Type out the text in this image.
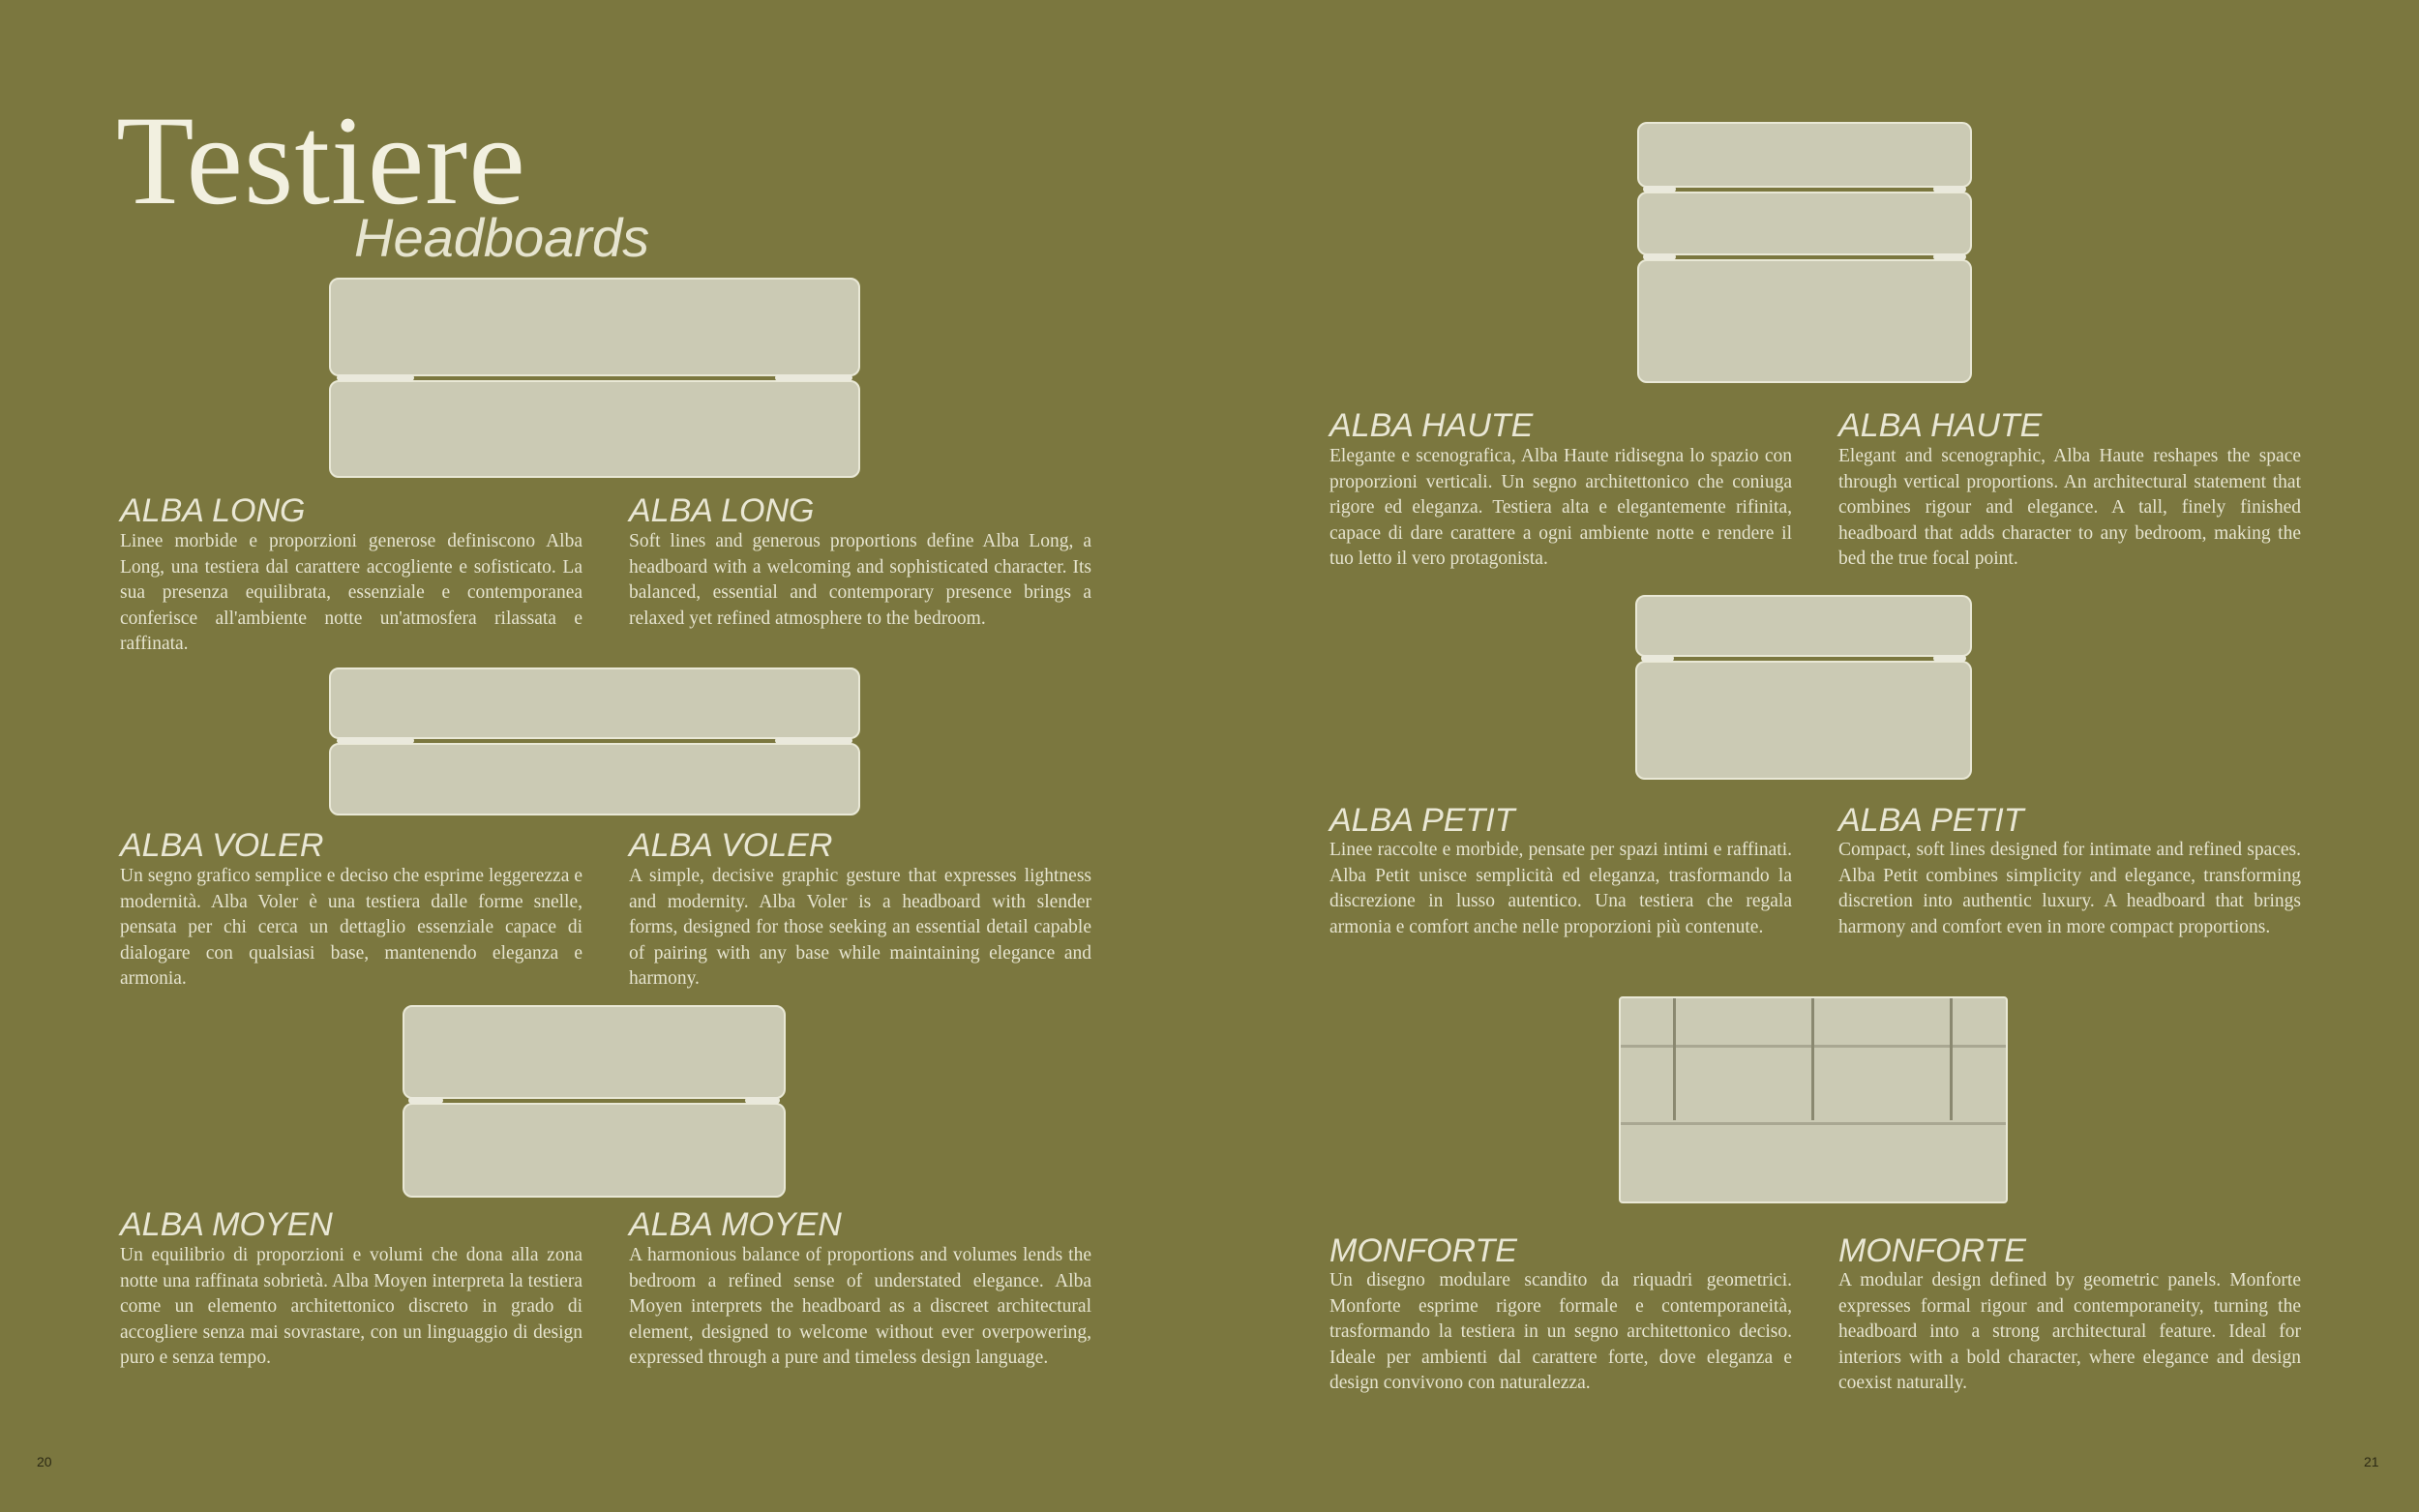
Testiere
Headboards
ALBA LONG

Linee morbide e proporzioni generose definiscono Alba Long, una testiera dal carattere accogliente e sofisticato. La sua presenza equilibrata, essenziale e contemporanea conferisce all'ambiente notte un'atmosfera rilassata e raffinata.

ALBA LONG

Soft lines and generous proportions define Alba Long, a headboard with a welcoming and sophisticated character. Its balanced, essential and contemporary presence brings a relaxed yet refined atmosphere to the bedroom.

ALBA VOLER

Un segno grafico semplice e deciso che esprime leggerezza e modernità. Alba Voler è una testiera dalle forme snelle, pensata per chi cerca un dettaglio essenziale capace di dialogare con qualsiasi base, mantenendo eleganza e armonia.

ALBA VOLER

A simple, decisive graphic gesture that expresses lightness and modernity. Alba Voler is a headboard with slender forms, designed for those seeking an essential detail capable of pairing with any base while maintaining elegance and harmony.

ALBA MOYEN

Un equilibrio di proporzioni e volumi che dona alla zona notte una raffinata sobrietà. Alba Moyen interpreta la testiera come un elemento architettonico discreto in grado di accogliere senza mai sovrastare, con un linguaggio di design puro e senza tempo.

ALBA MOYEN

A harmonious balance of proportions and volumes lends the bedroom a refined sense of understated elegance. Alba Moyen interprets the headboard as a discreet architectural element, designed to welcome without ever overpowering, expressed through a pure and timeless design language.

ALBA HAUTE

Elegante e scenografica, Alba Haute ridisegna lo spazio con proporzioni verticali. Un segno architettonico che coniuga rigore ed eleganza. Testiera alta e elegantemente rifinita, capace di dare carattere a ogni ambiente notte e rendere il tuo letto il vero protagonista.

ALBA HAUTE

Elegant and scenographic, Alba Haute reshapes the space through vertical proportions. An architectural statement that combines rigour and elegance. A tall, finely finished headboard that adds character to any bedroom, making the bed the true focal point.

ALBA PETIT

Linee raccolte e morbide, pensate per spazi intimi e raffinati. Alba Petit unisce semplicità ed eleganza, trasformando la discrezione in lusso autentico. Una testiera che regala armonia e comfort anche nelle proporzioni più contenute.

ALBA PETIT

Compact, soft lines designed for intimate and refined spaces. Alba Petit combines simplicity and elegance, transforming discretion into authentic luxury. A headboard that brings harmony and comfort even in more compact proportions.

MONFORTE

Un disegno modulare scandito da riquadri geometrici. Monforte esprime rigore formale e contemporaneità, trasformando la testiera in un segno architettonico deciso. Ideale per ambienti dal carattere forte, dove eleganza e design convivono con naturalezza.

MONFORTE

A modular design defined by geometric panels. Monforte expresses formal rigour and contemporaneity, turning the headboard into a strong architectural feature. Ideal for interiors with a bold character, where elegance and design coexist naturally.

20	21
